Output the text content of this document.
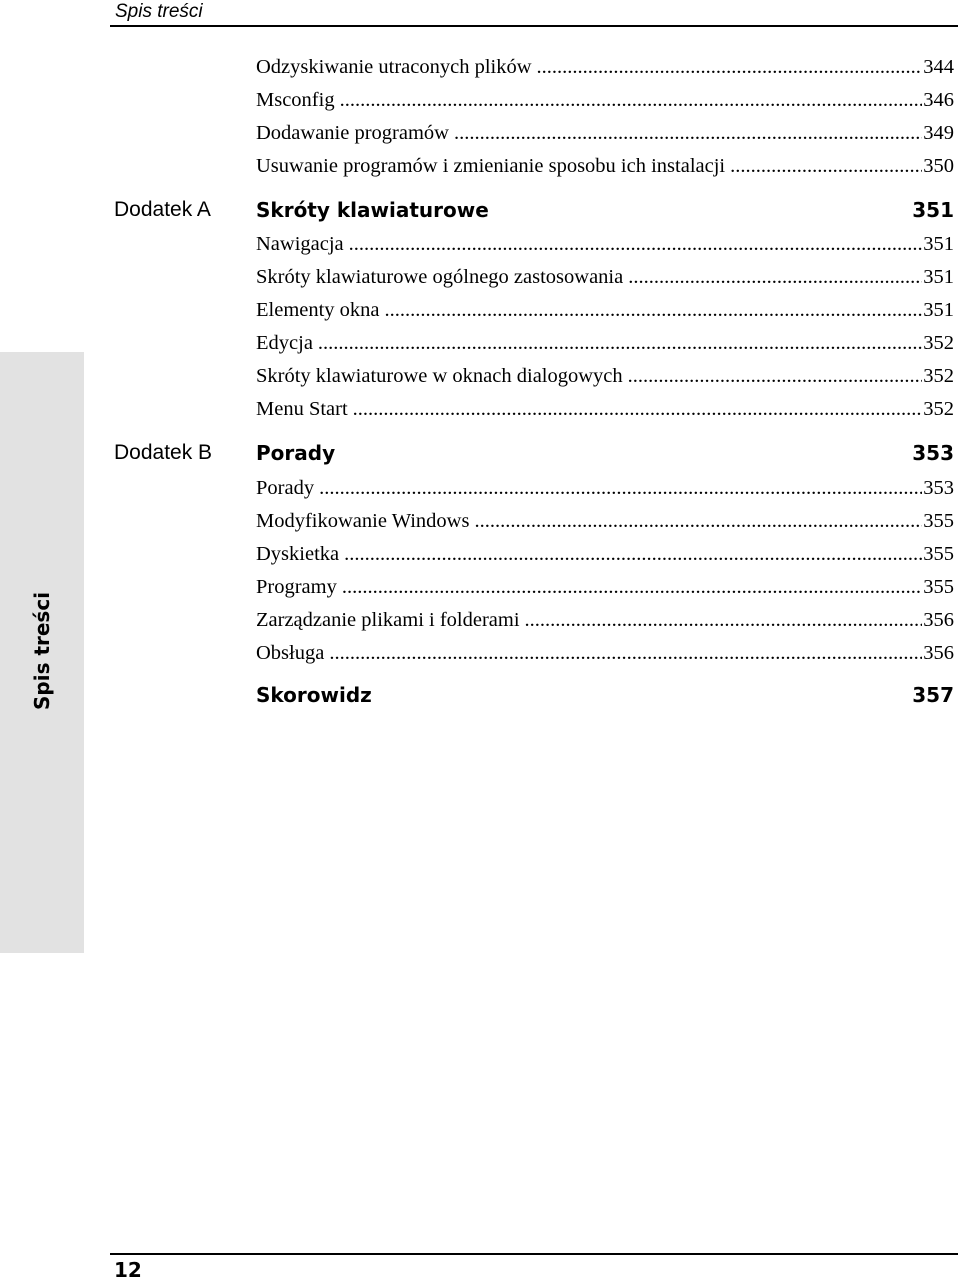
Spis treści
Spis treści
Odzyskiwanie utraconych plików .....	344
Msconfig .....	346
Dodawanie programów .....	349
Usuwanie programów i zmienianie sposobu ich instalacji .....	350
Dodatek A Skróty klawiaturowe	351
Nawigacja .....	351
Skróty klawiaturowe ogólnego zastosowania .....	351
Elementy okna .....	351
Edycja .....	352
Skróty klawiaturowe w oknach dialogowych .....	352
Menu Start .....	352
Dodatek B Porady	353
Porady .....	353
Modyfikowanie Windows .....	355
Dyskietka .....	355
Programy .....	355
Zarządzanie plikami i folderami .....	356
Obsługa .....	356
Skorowidz	357
12
